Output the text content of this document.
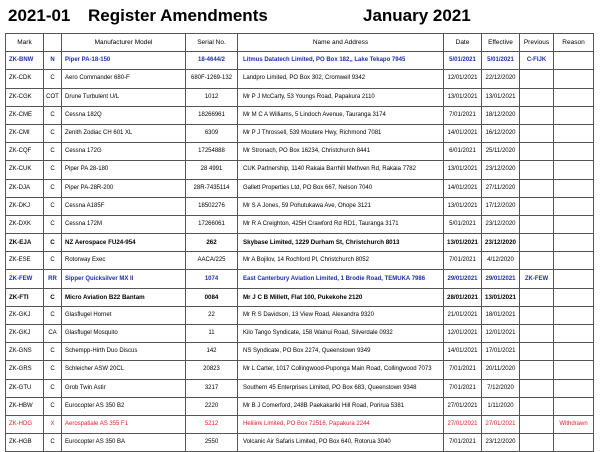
2021-01 Register Amendments	January 2021
Mark		Manufacturer Model	Serial No.	Name and Address	Date	Effective	Previous	Reason
ZK-BNW	N	Piper PA-18-150	18-4644/2	Litmus Datatech Limited, PO Box 182,, Lake Tekapo 7945	5/01/2021	5/01/2021	C-FIJK	
ZK-CDK	C	Aero Commander 680-F	680F-1269-132	Landpro Limited, PO Box 302, Cromwell 9342	12/01/2021	22/12/2020		
ZK-CGK	COT	Drune Turbulent U/L	1012	Mr P J McCarty, 53 Youngs Road, Papakura 2110	13/01/2021	13/01/2021		
ZK-CME	C	Cessna 182Q	18266961	Mr M C A Williams, 5 Lindoch Avenue, Tauranga 3174	7/01/2021	18/12/2020		
ZK-CMI	C	Zenith Zodiac CH 601 XL	6309	Mr P J Throssell, 539 Moutere Hwy, Richmond 7081	14/01/2021	16/12/2020		
ZK-CQF	C	Cessna 172G	17254888	Mr Stronach, PO Box 16234, Christchurch 8441	6/01/2021	25/11/2020		
ZK-CUK	C	Piper PA 28-180	28 4991	CUK Partnership, 1140 Rakaia Barrhill Methven Rd, Rakaia 7782	13/01/2021	23/12/2020		
ZK-DJA	C	Piper PA-28R-200	28R-7435114	Gallett Properties Ltd, PO Box 667, Nelson 7040	14/01/2021	27/11/2020		
ZK-DKJ	C	Cessna A185F	18502276	Mr S A Jones, 59 Pohutukawa Ave, Ohope 3121	13/01/2021	17/12/2020		
ZK-DXK	C	Cessna 172M	17266061	Mr R A Creighton, 425H Crawford Rd RD1, Tauranga 3171	5/01/2021	23/12/2020		
ZK-EJA	C	NZ Aerospace FU24-954	262	Skybase Limited, 1229 Durham St, Christchurch 8013	13/01/2021	23/12/2020		
ZK-ESE	C	Rotorway Exec	AACA/225	Mr A Bojilov, 14 Rochford Pl, Christchurch 8052	7/01/2021	4/12/2020		
ZK-FEW	RR	Sipper Quicksilver MX II	1074	East Canterbury Aviation Limited, 1 Brodie Road, TEMUKA 7986	29/01/2021	29/01/2021	ZK-FEW	
ZK-FTI	C	Micro Aviation B22 Bantam	0084	Mr J C B Millett, Flat 100, Pukekohe 2120	28/01/2021	13/01/2021		
ZK-GKJ	C	Glasflugel Hornet	22	Mr R S Davidson, 13 View Road, Alexandra 9320	21/01/2021	18/01/2021		
ZK-GKJ	CA	Glasflugel Mosquito	11	Kilo Tango Syndicate, 158 Wainui Road, Silverdale 0932	12/01/2021	12/01/2021		
ZK-GNS	C	Schempp-Hirth Duo Discus	142	NS Syndicate, PO Box 2274, Queenstown 9349	14/01/2021	17/01/2021		
ZK-GRS	C	Schleicher ASW 20CL	20823	Mr L Carter, 1017 Collingwood-Puponga Main Road, Collingwood 7073	7/01/2021	20/11/2020		
ZK-GTU	C	Grob Twin Astir	3217	Southern 45 Enterprises Limited, PO Box 683, Queenstown 9348	7/01/2021	7/12/2020		
ZK-HBW	C	Eurocopter AS 350 B2	2220	Mr B J Comerford, 248B Paekakariki Hill Road, Porirua 5381	27/01/2021	1/11/2020		
ZK-HDG	X	Aerospatiale AS 355 F1	5212	Heliiink Limited, PO Box 72516, Papakura 2244	27/01/2021	27/01/2021		Withdrawn
ZK-HGB	C	Eurocopter AS 350 BA	2550	Volcanic Air Safaris Limited, PO Box 640, Rotorua 3040	7/01/2021	23/12/2020		
